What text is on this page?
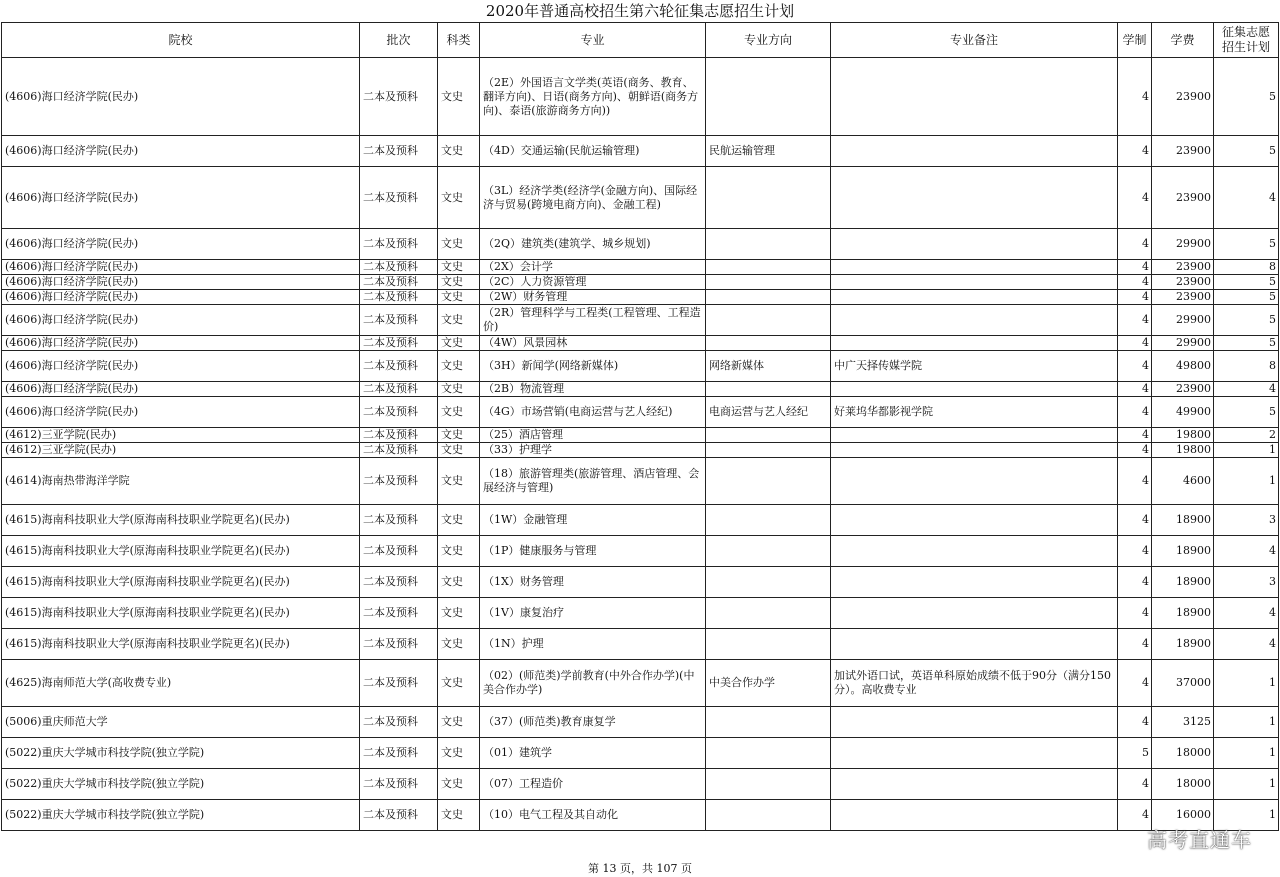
2020年普通高校招生第六轮征集志愿招生计划
院校	批次	科类	专业	专业方向	专业备注	学制	学费	征集志愿
招生计划

(4606)海口经济学院(民办)	二本及预科	文史	（2E）外国语言文学类(英语(商务、教育、翻译方向)、日语(商务方向)、朝鲜语(商务方向)、泰语(旅游商务方向))			4	23900	5
(4606)海口经济学院(民办)	二本及预科	文史	（4D）交通运输(民航运输管理)	民航运输管理		4	23900	5
(4606)海口经济学院(民办)	二本及预科	文史	（3L）经济学类(经济学(金融方向)、国际经济与贸易(跨境电商方向)、金融工程)			4	23900	4
(4606)海口经济学院(民办)	二本及预科	文史	（2Q）建筑类(建筑学、城乡规划)			4	29900	5
(4606)海口经济学院(民办)	二本及预科	文史	（2X）会计学			4	23900	8
(4606)海口经济学院(民办)	二本及预科	文史	（2C）人力资源管理			4	23900	5
(4606)海口经济学院(民办)	二本及预科	文史	（2W）财务管理			4	23900	5
(4606)海口经济学院(民办)	二本及预科	文史	（2R）管理科学与工程类(工程管理、工程造价)			4	29900	5
(4606)海口经济学院(民办)	二本及预科	文史	（4W）风景园林			4	29900	5
(4606)海口经济学院(民办)	二本及预科	文史	（3H）新闻学(网络新媒体)	网络新媒体	中广天择传媒学院	4	49800	8
(4606)海口经济学院(民办)	二本及预科	文史	（2B）物流管理			4	23900	4
(4606)海口经济学院(民办)	二本及预科	文史	（4G）市场营销(电商运营与艺人经纪)	电商运营与艺人经纪	好莱坞华都影视学院	4	49900	5
(4612)三亚学院(民办)	二本及预科	文史	（25）酒店管理			4	19800	2
(4612)三亚学院(民办)	二本及预科	文史	（33）护理学			4	19800	1
(4614)海南热带海洋学院	二本及预科	文史	（18）旅游管理类(旅游管理、酒店管理、会展经济与管理)			4	4600	1
(4615)海南科技职业大学(原海南科技职业学院更名)(民办)	二本及预科	文史	（1W）金融管理			4	18900	3
(4615)海南科技职业大学(原海南科技职业学院更名)(民办)	二本及预科	文史	（1P）健康服务与管理			4	18900	4
(4615)海南科技职业大学(原海南科技职业学院更名)(民办)	二本及预科	文史	（1X）财务管理			4	18900	3
(4615)海南科技职业大学(原海南科技职业学院更名)(民办)	二本及预科	文史	（1V）康复治疗			4	18900	4
(4615)海南科技职业大学(原海南科技职业学院更名)(民办)	二本及预科	文史	（1N）护理			4	18900	4
(4625)海南师范大学(高收费专业)	二本及预科	文史	（02）(师范类)学前教育(中外合作办学)(中美合作办学)	中美合作办学	加试外语口试，英语单科原始成绩不低于90分（满分150分）。高收费专业	4	37000	1
(5006)重庆师范大学	二本及预科	文史	（37）(师范类)教育康复学			4	3125	1
(5022)重庆大学城市科技学院(独立学院)	二本及预科	文史	（01）建筑学			5	18000	1
(5022)重庆大学城市科技学院(独立学院)	二本及预科	文史	（07）工程造价			4	18000	1
(5022)重庆大学城市科技学院(独立学院)	二本及预科	文史	（10）电气工程及其自动化			4	16000	1
第 13 页，共 107 页
高考直通车
